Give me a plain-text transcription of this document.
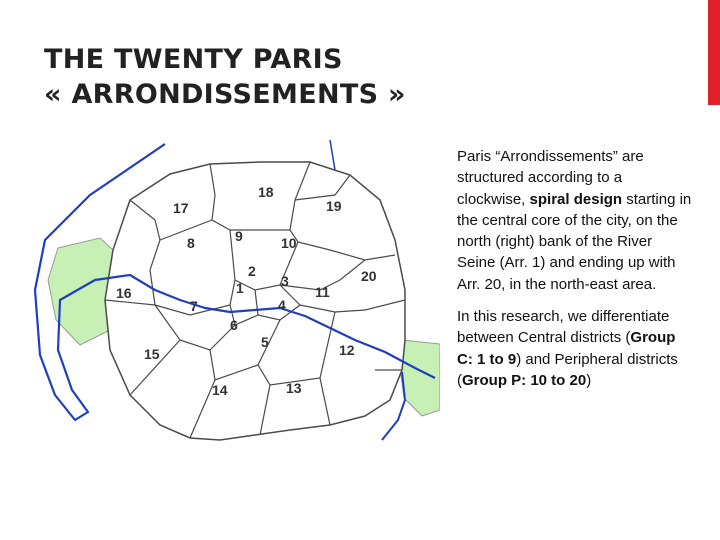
THE TWENTY PARIS
« ARRONDISSEMENTS »
1
2
3
4
5
6
7
8	9	10
11
12
13
14
15
16
17
18
19
20

Paris “Arrondissements” are structured according to a clockwise, spiral design starting in the central core of the city, on the north (right) bank of the River Seine (Arr. 1) and ending up with Arr. 20, in the north-east area.

In this research, we differentiate between Central districts (Group C: 1 to 9) and Peripheral districts (Group P: 10 to 20)
